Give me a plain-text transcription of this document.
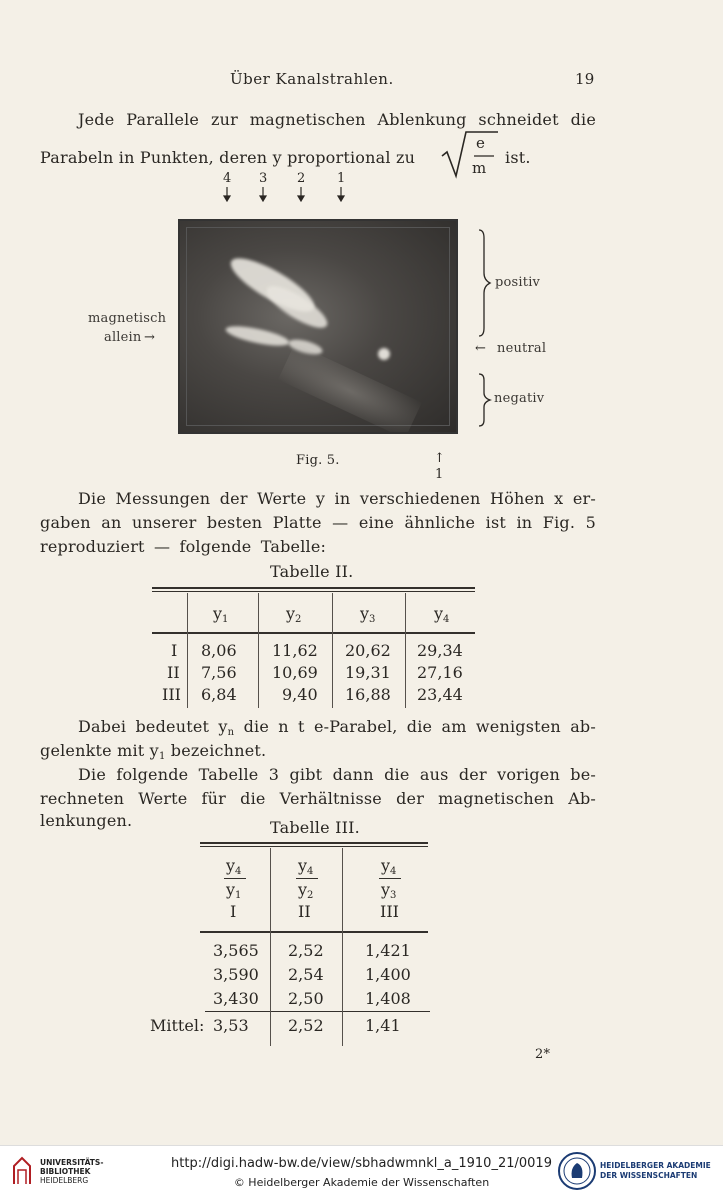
Über Kanalstrahlen.	19
Jede Parallele zur magnetischen Ablenkung schneidet die
Parabeln in Punkten, deren y proportional zu
e
m
ist.
4 3 2 1
magnetisch
allein →
positiv
← neutral
negativ
Fig. 5.	↑
1
Die Messungen der Werte y in verschiedenen Höhen x er-
gaben an unserer besten Platte — eine ähnliche ist in Fig. 5
reproduziert — folgende Tabelle:
Tabelle II.
$y_1$	$y_2$	$y_3$	$y_4$
I 8,06 11,62 20,62 29,34
II 7,56 10,69 19,31 27,16
III 6,84	9,40 16,88 23,44
Dabei bedeutet $y_n$ die n t e-Parabel, die am wenigsten ab-
gelenkte mit $y_1$ bezeichnet.
Die folgende Tabelle 3 gibt dann die aus der vorigen be-
rechneten Werte für die Verhältnisse der magnetischen Ab-
lenkungen.	Tabelle III.
$y_4$
$y_1$
I
$y_4$
$y_2$
II
$y_4$
$y_3$
III
3,565 2,52	1,421
3,590 2,54	1,400
3,430 2,50	1,408
Mittel: 3,53 2,52	1,41
2*
UNIVERSITÄTS-
BIBLIOTHEK
HEIDELBERG
http://digi.hadw-bw.de/view/sbhadwmnkl_a_1910_21/0019
© Heidelberger Akademie der Wissenschaften
HEIDELBERGER AKADEMIE
DER WISSENSCHAFTEN
